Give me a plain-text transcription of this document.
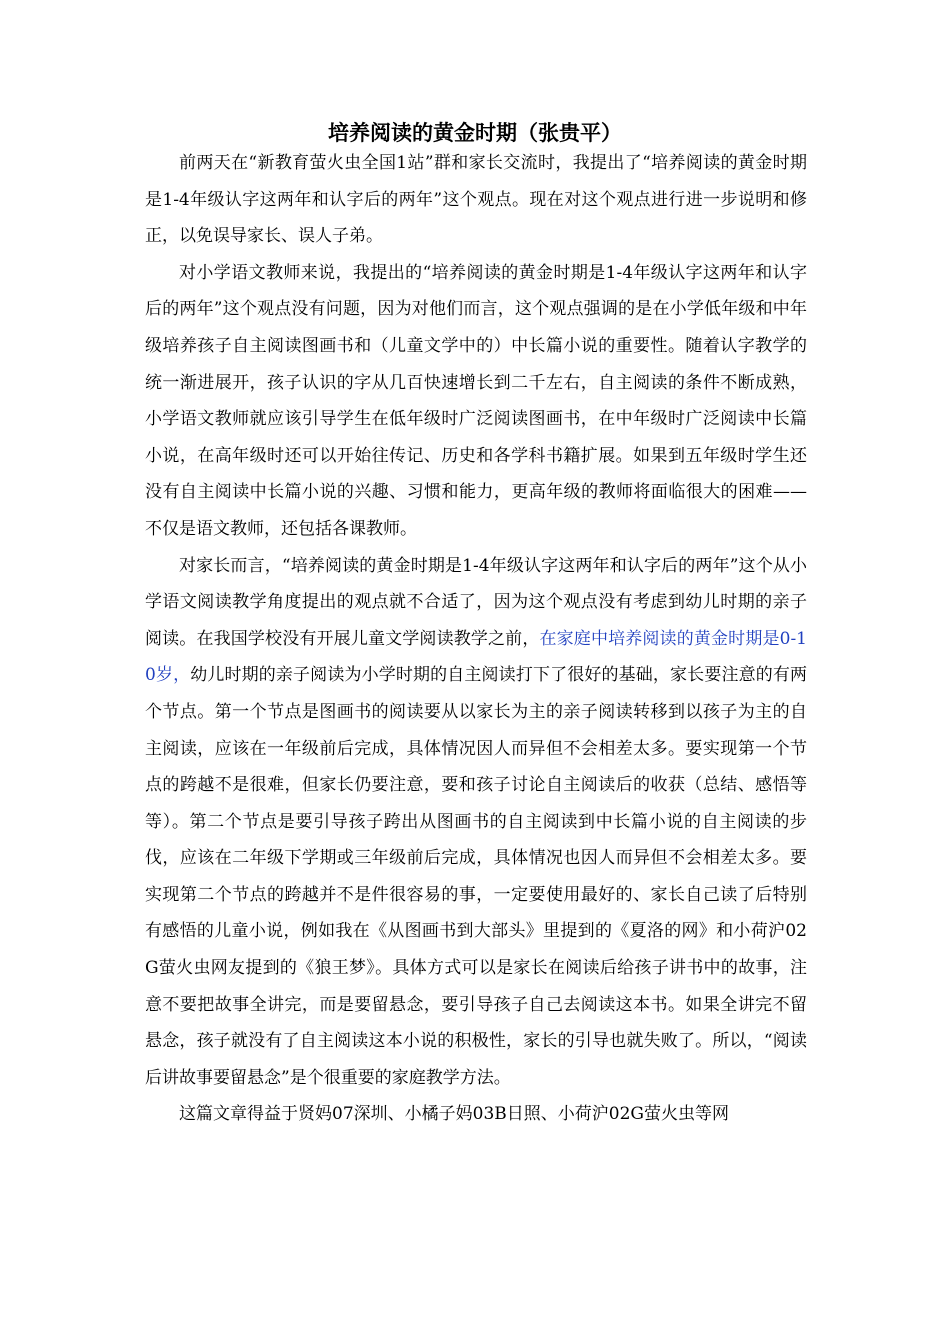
培养阅读的黄金时期（张贵平）

前两天在“新教育萤火虫全国1站”群和家长交流时，我提出了“培养阅读的黄金时期是1-4年级认字这两年和认字后的两年”这个观点。现在对这个观点进行进一步说明和修正，以免误导家长、误人子弟。

对小学语文教师来说，我提出的“培养阅读的黄金时期是1-4年级认字这两年和认字后的两年”这个观点没有问题，因为对他们而言，这个观点强调的是在小学低年级和中年级培养孩子自主阅读图画书和（儿童文学中的）中长篇小说的重要性。随着认字教学的统一渐进展开，孩子认识的字从几百快速增长到二千左右，自主阅读的条件不断成熟，小学语文教师就应该引导学生在低年级时广泛阅读图画书，在中年级时广泛阅读中长篇小说，在高年级时还可以开始往传记、历史和各学科书籍扩展。如果到五年级时学生还没有自主阅读中长篇小说的兴趣、习惯和能力，更高年级的教师将面临很大的困难——不仅是语文教师，还包括各课教师。

对家长而言，“培养阅读的黄金时期是1-4年级认字这两年和认字后的两年”这个从小学语文阅读教学角度提出的观点就不合适了，因为这个观点没有考虑到幼儿时期的亲子阅读。在我国学校没有开展儿童文学阅读教学之前，在家庭中培养阅读的黄金时期是0-10岁，幼儿时期的亲子阅读为小学时期的自主阅读打下了很好的基础，家长要注意的有两个节点。第一个节点是图画书的阅读要从以家长为主的亲子阅读转移到以孩子为主的自主阅读，应该在一年级前后完成，具体情况因人而异但不会相差太多。要实现第一个节点的跨越不是很难，但家长仍要注意，要和孩子讨论自主阅读后的收获（总结、感悟等等）。第二个节点是要引导孩子跨出从图画书的自主阅读到中长篇小说的自主阅读的步伐，应该在二年级下学期或三年级前后完成，具体情况也因人而异但不会相差太多。要实现第二个节点的跨越并不是件很容易的事，一定要使用最好的、家长自己读了后特别有感悟的儿童小说，例如我在《从图画书到大部头》里提到的《夏洛的网》和小荷沪02G萤火虫网友提到的《狼王梦》。具体方式可以是家长在阅读后给孩子讲书中的故事，注意不要把故事全讲完，而是要留悬念，要引导孩子自己去阅读这本书。如果全讲完不留悬念，孩子就没有了自主阅读这本小说的积极性，家长的引导也就失败了。所以，“阅读后讲故事要留悬念”是个很重要的家庭教学方法。

这篇文章得益于贤妈07深圳、小橘子妈03B日照、小荷沪02G萤火虫等网
